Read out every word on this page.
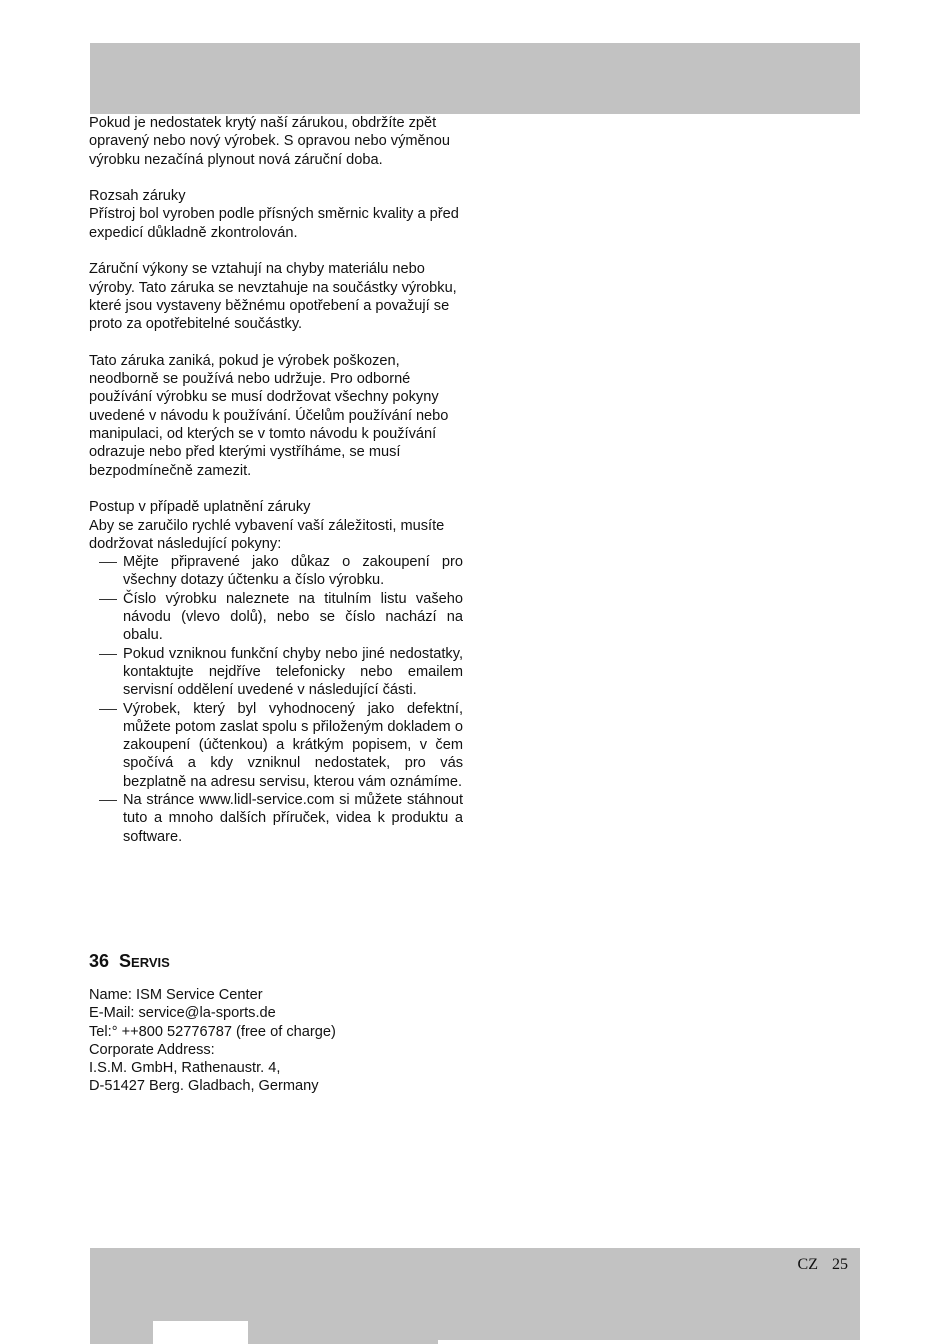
Pokud je nedostatek krytý naší zárukou, obdržíte zpět opravený nebo nový výrobek. S opravou nebo výměnou výrobku nezačíná plynout nová záruční doba.

Rozsah záruky

Přístroj bol vyroben podle přísných směrnic kvality a před expedicí důkladně zkontrolován.

Záruční výkony se vztahují na chyby materiálu nebo výroby. Tato záruka se nevztahuje na součástky výrobku, které jsou vystaveny běžnému opotřebení a považují se proto za opotřebitelné součástky.

Tato záruka zaniká, pokud je výrobek poškozen, neodborně se používá nebo udržuje. Pro odborné používání výrobku se musí dodržovat všechny pokyny uvedené v návodu k používání. Účelům používání nebo manipulaci, od kterých se v tomto návodu k používání odrazuje nebo před kterými vystříháme, se musí bezpodmínečně zamezit.

Postup v případě uplatnění záruky

Aby se zaručilo rychlé vybavení vaší záležitosti, musíte dodržovat následující pokyny:

Mějte připravené jako důkaz o zakoupení pro všechny dotazy účtenku a číslo výrobku.
Číslo výrobku naleznete na titulním listu vašeho návodu (vlevo dolů), nebo se číslo nachází na obalu.
Pokud vzniknou funkční chyby nebo jiné nedostatky, kontaktujte nejdříve telefonicky nebo emailem servisní oddělení uvedené v následující části.
Výrobek, který byl vyhodnocený jako defektní, můžete potom zaslat spolu s přiloženým dokladem o zakoupení (účtenkou) a krátkým popisem, v čem spočívá a kdy vzniknul nedostatek, pro vás bezplatně na adresu servisu, kterou vám oznámíme.
Na stránce www.lidl-service.com si můžete stáhnout tuto a mnoho dalších příruček, videa k produktu a software.
36 Servis
Name: ISM Service Center
E-Mail: service@la-sports.de
Tel:° ++800 52776787 (free of charge)
Corporate Address:
I.S.M. GmbH, Rathenaustr. 4,
D-51427 Berg. Gladbach, Germany
CZ 25
